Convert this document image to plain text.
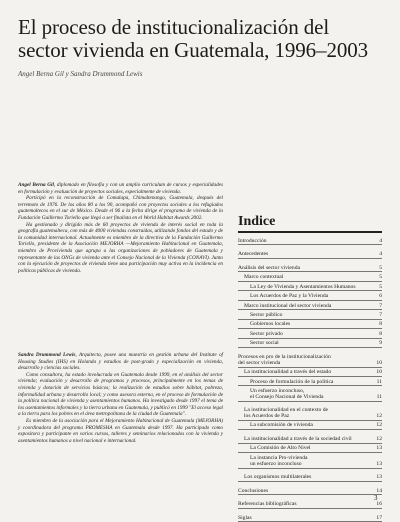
El proceso de institucionalización del
sector vivienda en Guatemala, 1996–2003
Angel Berna Gil y Sandra Drummond Lewis

Angel Berna Gil, diplomado en filosofía y con un amplio curriculum de cursos y especialidades en formulación y evaluación de proyectos sociales, especialmente de vivienda.

Participó en la reconstrucción de Comalapa, Chimaltenango, Guatemala, después del terremoto de 1976. De los años 80 a los 90, acompañó con proyectos sociales a los refugiados guatemaltecos en el sur de México. Desde el 96 a la fecha dirige el programa de vivienda de la Fundación Guillermo Toriello que llegó a ser finalista en el World Habitat Awards 2002.

Ha gestionado y dirigido más de 60 proyectos de vivienda de interés social en toda la geografía guatemalteca, con más de 4000 viviendas construidas, utilizando fondos del estado y de la comunidad internacional. Actualmente es miembro de la directiva de la Fundación Guillermo Toriello, presidente de la Asociación MEJORHA —Mejoramiento Habitacional en Guatemala, miembro de Provivienda que agrupa a las organizaciones de pobladores de Guatemala y representante de las ONGs de vivienda ante el Consejo Nacional de la Vivienda (CONAVI). Junto con la ejecución de proyectos de vivienda tiene una participación muy activa en la incidencia en políticas públicas de vivienda.

Sandra Drummond Lewis, Arquitecta, posee una maestría en gestión urbana del Institute of Housing Studies (IHS) en Holanda y estudios de post-grado y especialización en vivienda, desarrollo y ciencias sociales.

Como consultora, ha estado involucrada en Guatemala desde 1999, en el análisis del sector vivienda; evaluación y desarrollo de programas y procesos, principalmente en los temas de vivienda y dotación de servicios básicos; la realización de estudios sobre hábitat, pobreza, informalidad urbana y desarrollo local; y como asesora externa, en el proceso de formulación de la política nacional de vivienda y asentamientos humanos. Ha investigado desde 1997 el tema de los asentamientos informales y la tierra urbana en Guatemala, y publicó en 1999 "El acceso legal a la tierra para los pobres en el área metropolitana de la ciudad de Guatemala".

Es miembro de la asociación para el Mejoramiento Habitacional de Guatemala (MEJORHA) y coordinadora del programa PROMESHA en Guatemala desde 1997. Ha participado como expositora y participante en varios cursos, talleres y seminarios relacionados con la vivienda y asentamientos humanos a nivel nacional e internacional.

Indice
Introducción	4
Antecedentes	4
Análisis del sector vivienda	5
Marco contextual	5
La Ley de Vivienda y Asentamientos Humanos	5
Los Acuerdos de Paz y la Vivienda	6
Marco institucional del sector vivienda	7
Sector público	7
Gobiernos locales	8
Sector privado	8
Sector social	9
Procesos en pro de la institucionalización
del sector vivienda	10
La institucionalidad a través del estado	10
Proceso de formulación de la política	11
Un esfuerzo inconcluso,
el Consejo Nacional de Vivienda	11
La institucionalidad en el contexto de
los Acuerdos de Paz	12
La subcomisión de vivienda	12
La institucionalidad a través de la sociedad civil	12
La Comisión de Alto Nivel	13
La instancia Pro-vivienda
un esfuerzo inconcluso	13
Los organismos multilaterales	13
Conclusiones	14
Referencias bibliográficas	16
Siglas	17
3
